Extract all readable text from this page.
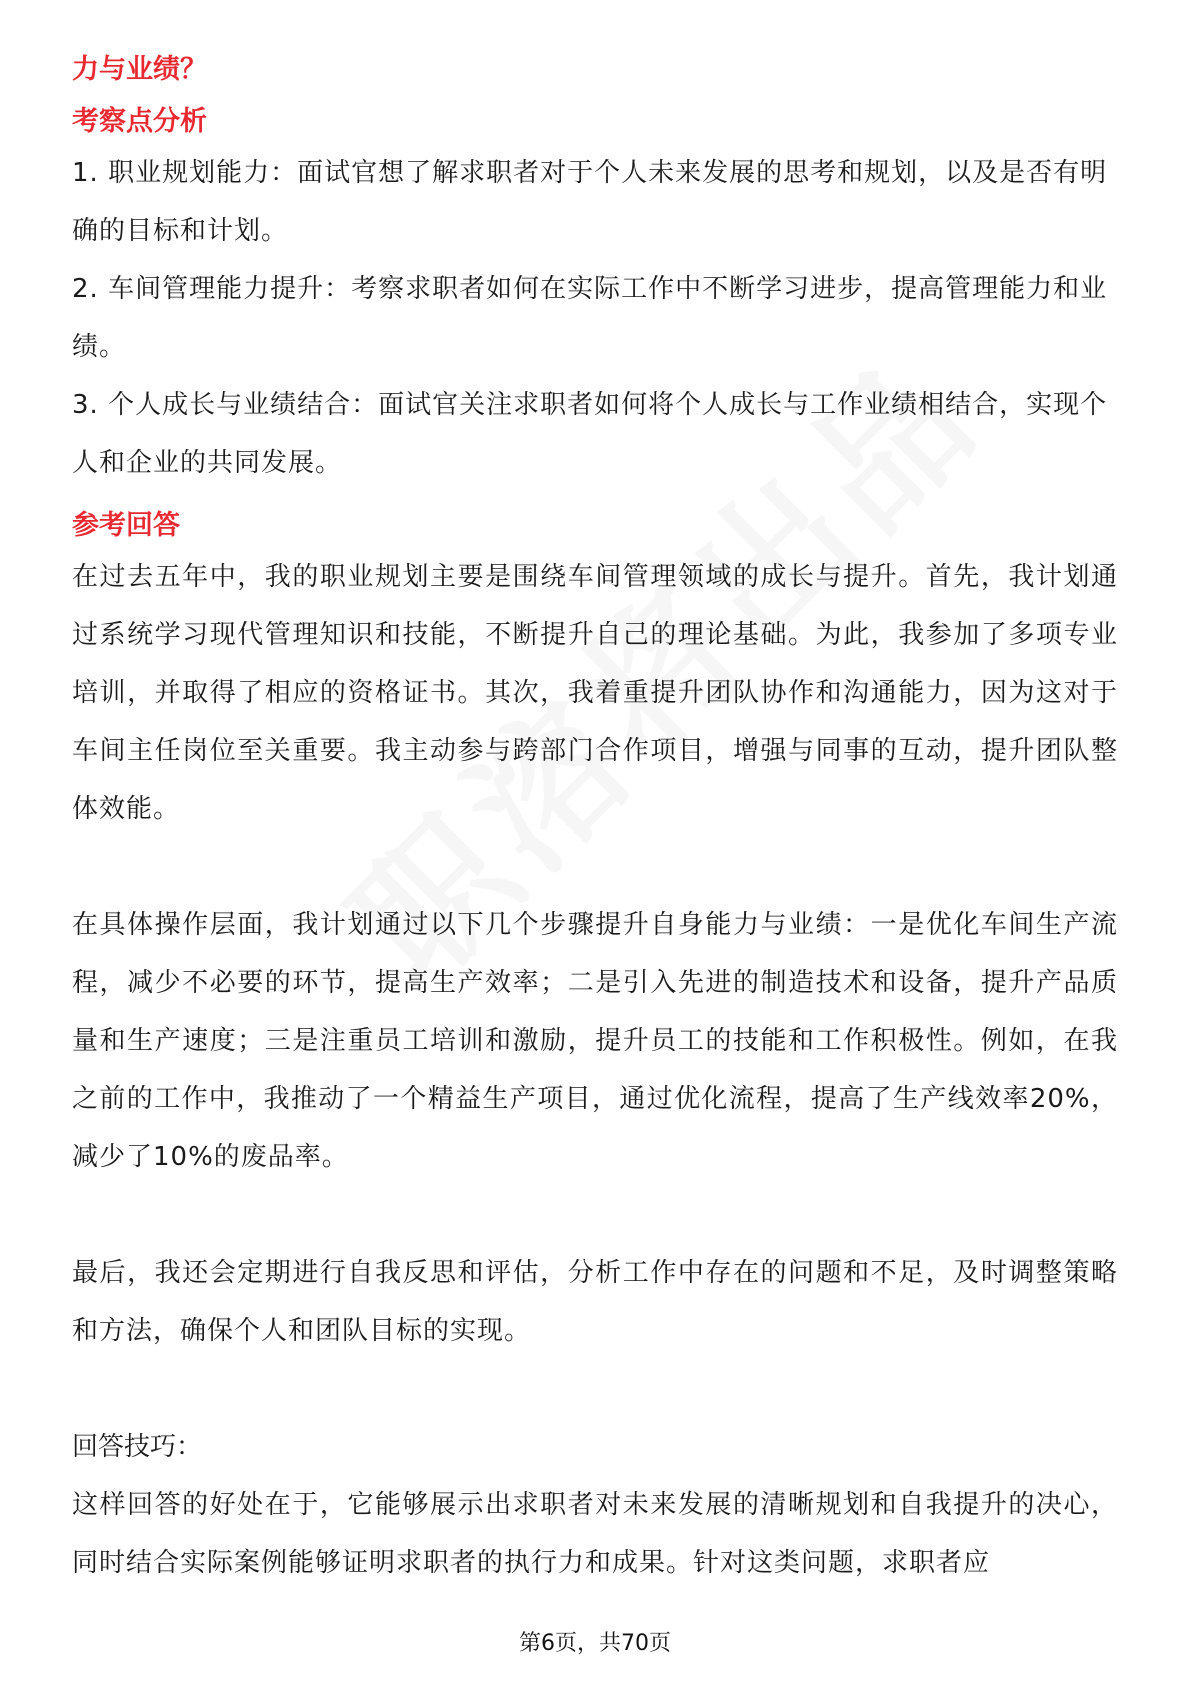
力与业绩？

考察点分析

1. 职业规划能力：面试官想了解求职者对于个人未来发展的思考和规划，以及是否有明确的目标和计划。

2. 车间管理能力提升：考察求职者如何在实际工作中不断学习进步，提高管理能力和业绩。

3. 个人成长与业绩结合：面试官关注求职者如何将个人成长与工作业绩相结合，实现个人和企业的共同发展。

参考回答

在过去五年中，我的职业规划主要是围绕车间管理领域的成长与提升。首先，我计划通过系统学习现代管理知识和技能，不断提升自己的理论基础。为此，我参加了多项专业培训，并取得了相应的资格证书。其次，我着重提升团队协作和沟通能力，因为这对于车间主任岗位至关重要。我主动参与跨部门合作项目，增强与同事的互动，提升团队整体效能。

在具体操作层面，我计划通过以下几个步骤提升自身能力与业绩：一是优化车间生产流程，减少不必要的环节，提高生产效率；二是引入先进的制造技术和设备，提升产品质量和生产速度；三是注重员工培训和激励，提升员工的技能和工作积极性。例如，在我之前的工作中，我推动了一个精益生产项目，通过优化流程，提高了生产线效率20%，减少了10%的废品率。

最后，我还会定期进行自我反思和评估，分析工作中存在的问题和不足，及时调整策略和方法，确保个人和团队目标的实现。

回答技巧：

这样回答的好处在于，它能够展示出求职者对未来发展的清晰规划和自我提升的决心，同时结合实际案例能够证明求职者的执行力和成果。针对这类问题，求职者应

第6页，共70页
